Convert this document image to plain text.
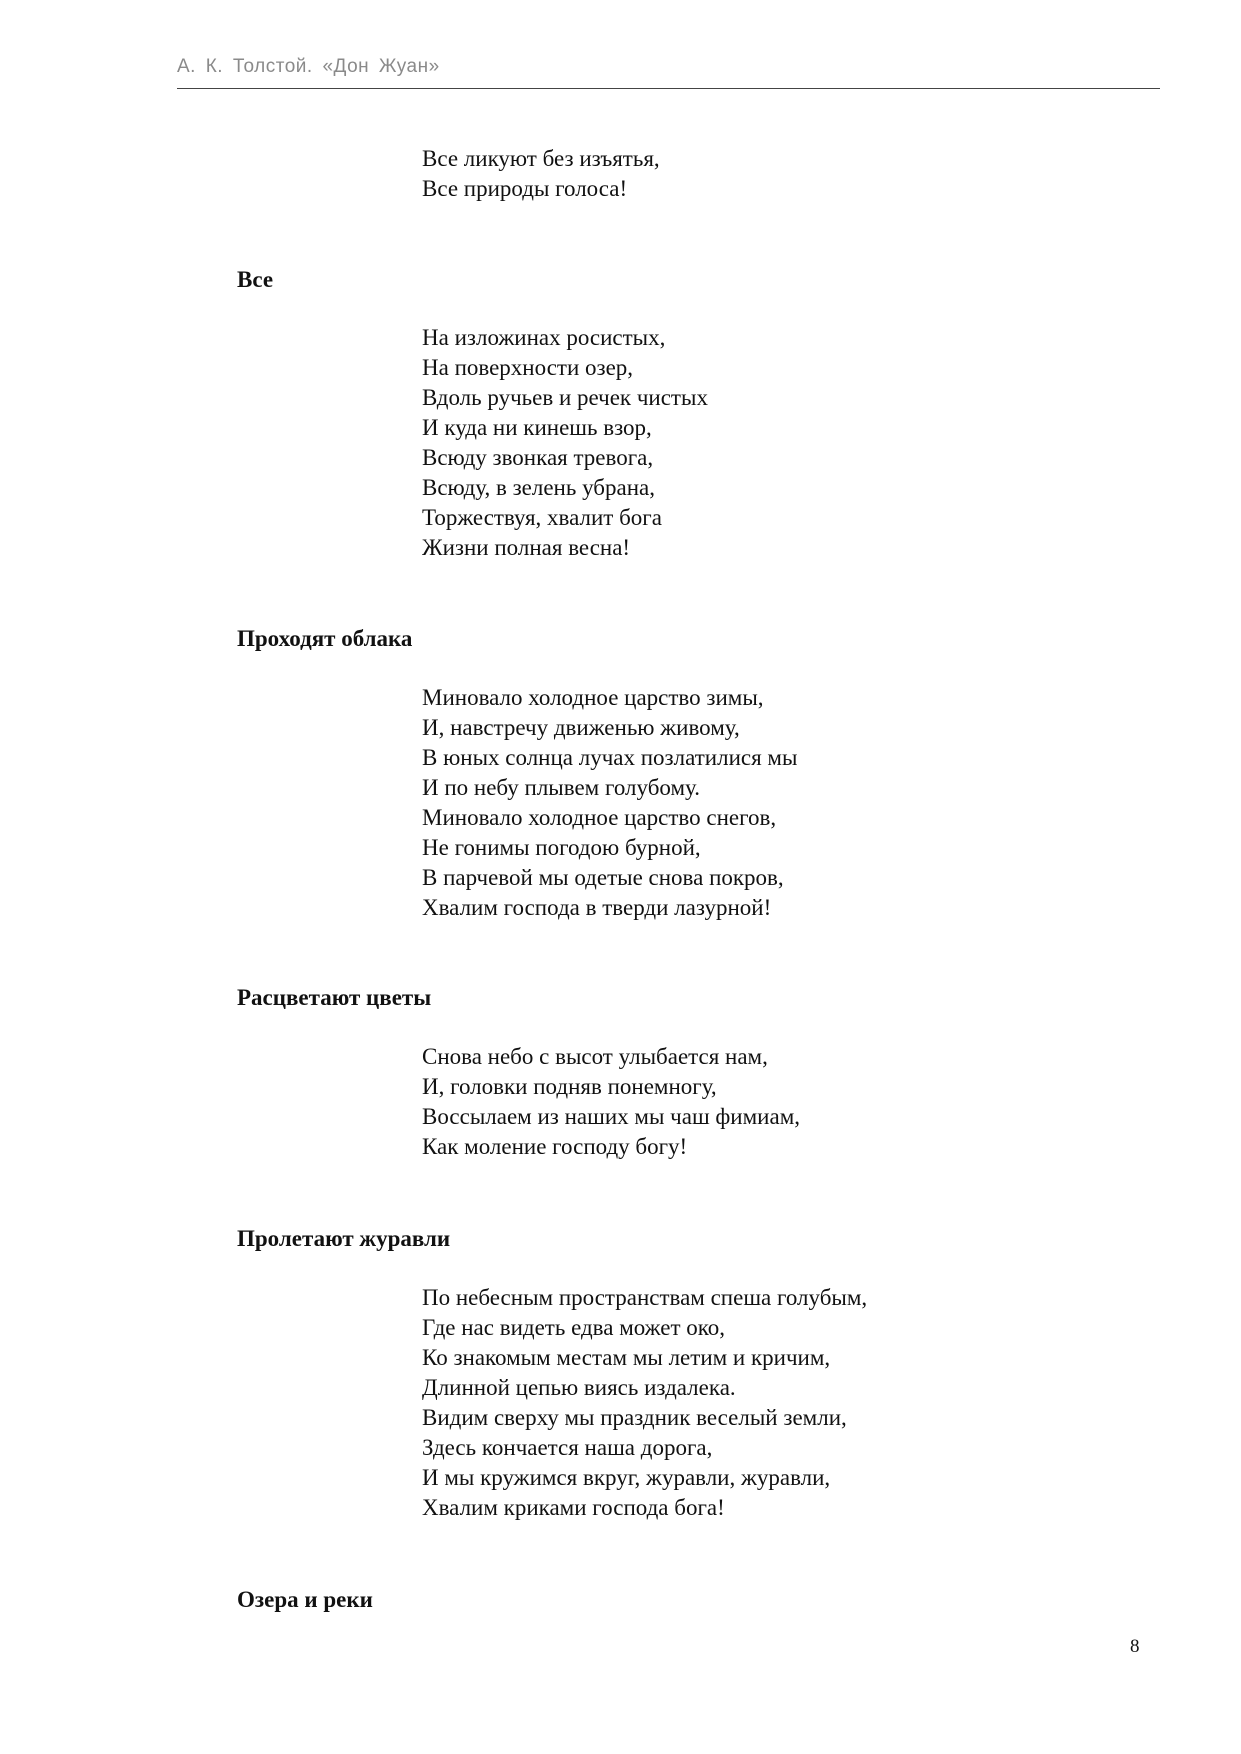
А. К. Толстой. «Дон Жуан»
Все ликуют без изъятья,
Все природы голоса!
Все
На изложинах росистых,
На поверхности озер,
Вдоль ручьев и речек чистых
И куда ни кинешь взор,
Всюду звонкая тревога,
Всюду, в зелень убрана,
Торжествуя, хвалит бога
Жизни полная весна!
Проходят облака
Миновало холодное царство зимы,
И, навстречу движенью живому,
В юных солнца лучах позлатилися мы
И по небу плывем голубому.
Миновало холодное царство снегов,
Не гонимы погодою бурной,
В парчевой мы одетые снова покров,
Хвалим господа в тверди лазурной!
Расцветают цветы
Снова небо с высот улыбается нам,
И, головки подняв понемногу,
Воссылаем из наших мы чаш фимиам,
Как моление господу богу!
Пролетают журавли
По небесным пространствам спеша голубым,
Где нас видеть едва может око,
Ко знакомым местам мы летим и кричим,
Длинной цепью виясь издалека.
Видим сверху мы праздник веселый земли,
Здесь кончается наша дорога,
И мы кружимся вкруг, журавли, журавли,
Хвалим криками господа бога!
Озера и реки
8
